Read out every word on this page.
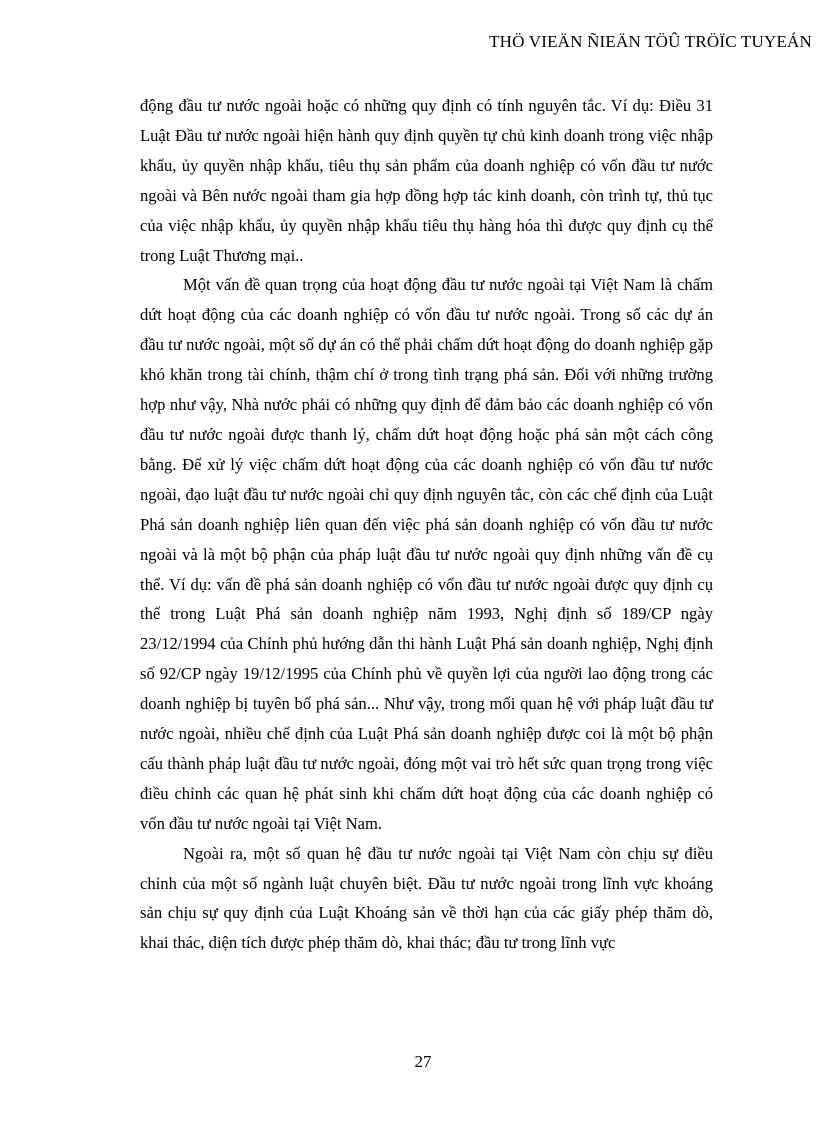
THÖ VIEÄN ÑIEÄN TÖÛ TRÖÏC TUYEÁN

động đầu tư nước ngoài hoặc có những quy định có tính nguyên tắc. Ví dụ: Điều 31 Luật Đầu tư nước ngoài hiện hành quy định quyền tự chủ kinh doanh trong việc nhập khẩu, ủy quyền nhập khẩu, tiêu thụ sản phẩm của doanh nghiệp có vốn đầu tư nước ngoài và Bên nước ngoài tham gia hợp đồng hợp tác kinh doanh, còn trình tự, thủ tục của việc nhập khẩu, ủy quyền nhập khẩu tiêu thụ hàng hóa thì được quy định cụ thể trong Luật Thương mại..

Một vấn đề quan trọng của hoạt động đầu tư nước ngoài tại Việt Nam là chấm dứt hoạt động của các doanh nghiệp có vốn đầu tư nước ngoài. Trong số các dự án đầu tư nước ngoài, một số dự án có thể phải chấm dứt hoạt động do doanh nghiệp gặp khó khăn trong tài chính, thậm chí ở trong tình trạng phá sản. Đối với những trường hợp như vậy, Nhà nước phải có những quy định để đảm bảo các doanh nghiệp có vốn đầu tư nước ngoài được thanh lý, chấm dứt hoạt động hoặc phá sản một cách công bằng. Để xử lý việc chấm dứt hoạt động của các doanh nghiệp có vốn đầu tư nước ngoài, đạo luật đầu tư nước ngoài chỉ quy định nguyên tắc, còn các chế định của Luật Phá sản doanh nghiệp liên quan đến việc phá sản doanh nghiệp có vốn đầu tư nước ngoài và là một bộ phận của pháp luật đầu tư nước ngoài quy định những vấn đề cụ thể. Ví dụ: vấn đề phá sản doanh nghiệp có vốn đầu tư nước ngoài được quy định cụ thể trong Luật Phá sản doanh nghiệp năm 1993, Nghị định số 189/CP ngày 23/12/1994 của Chính phủ hướng dẫn thi hành Luật Phá sản doanh nghiệp, Nghị định số 92/CP ngày 19/12/1995 của Chính phủ về quyền lợi của người lao động trong các doanh nghiệp bị tuyên bố phá sản... Như vậy, trong mối quan hệ với pháp luật đầu tư nước ngoài, nhiều chế định của Luật Phá sản doanh nghiệp được coi là một bộ phận cấu thành pháp luật đầu tư nước ngoài, đóng một vai trò hết sức quan trọng trong việc điều chỉnh các quan hệ phát sinh khi chấm dứt hoạt động của các doanh nghiệp có vốn đầu tư nước ngoài tại Việt Nam.

Ngoài ra, một số quan hệ đầu tư nước ngoài tại Việt Nam còn chịu sự điều chỉnh của một số ngành luật chuyên biệt. Đầu tư nước ngoài trong lĩnh vực khoáng sản chịu sự quy định của Luật Khoáng sản về thời hạn của các giấy phép thăm dò, khai thác, diện tích được phép thăm dò, khai thác; đầu tư trong lĩnh vực

27
